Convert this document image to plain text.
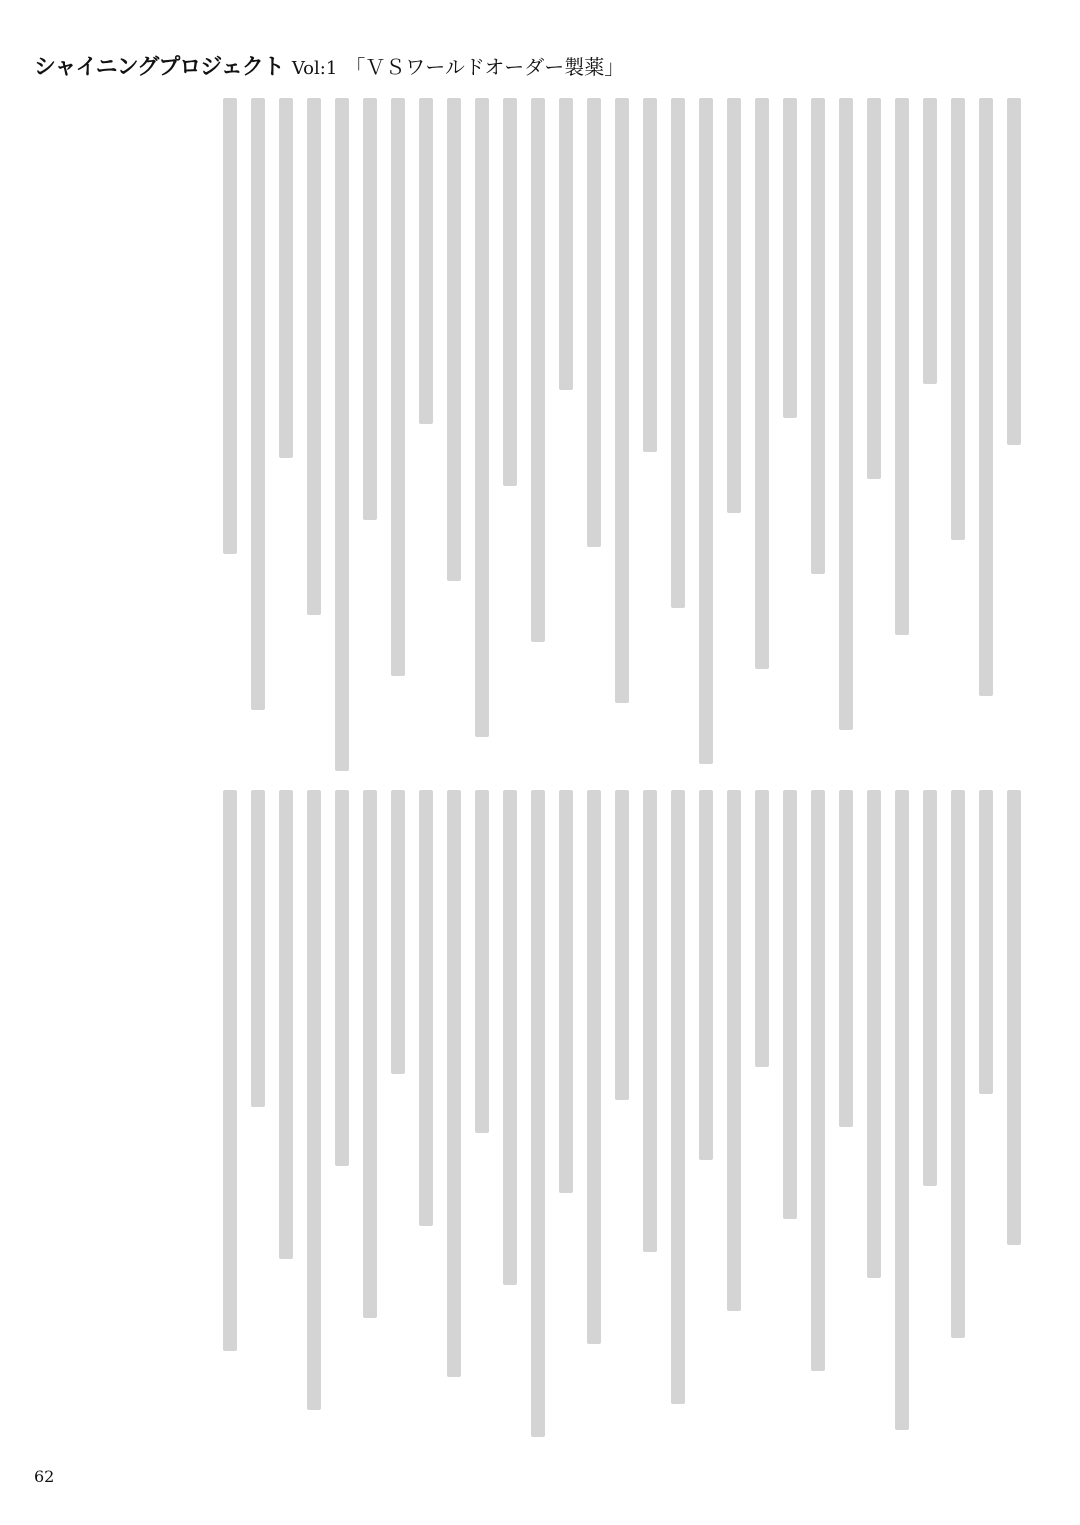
シャイニングプロジェクト Vol:1 「ＶＳワールドオーダー製薬」
62
